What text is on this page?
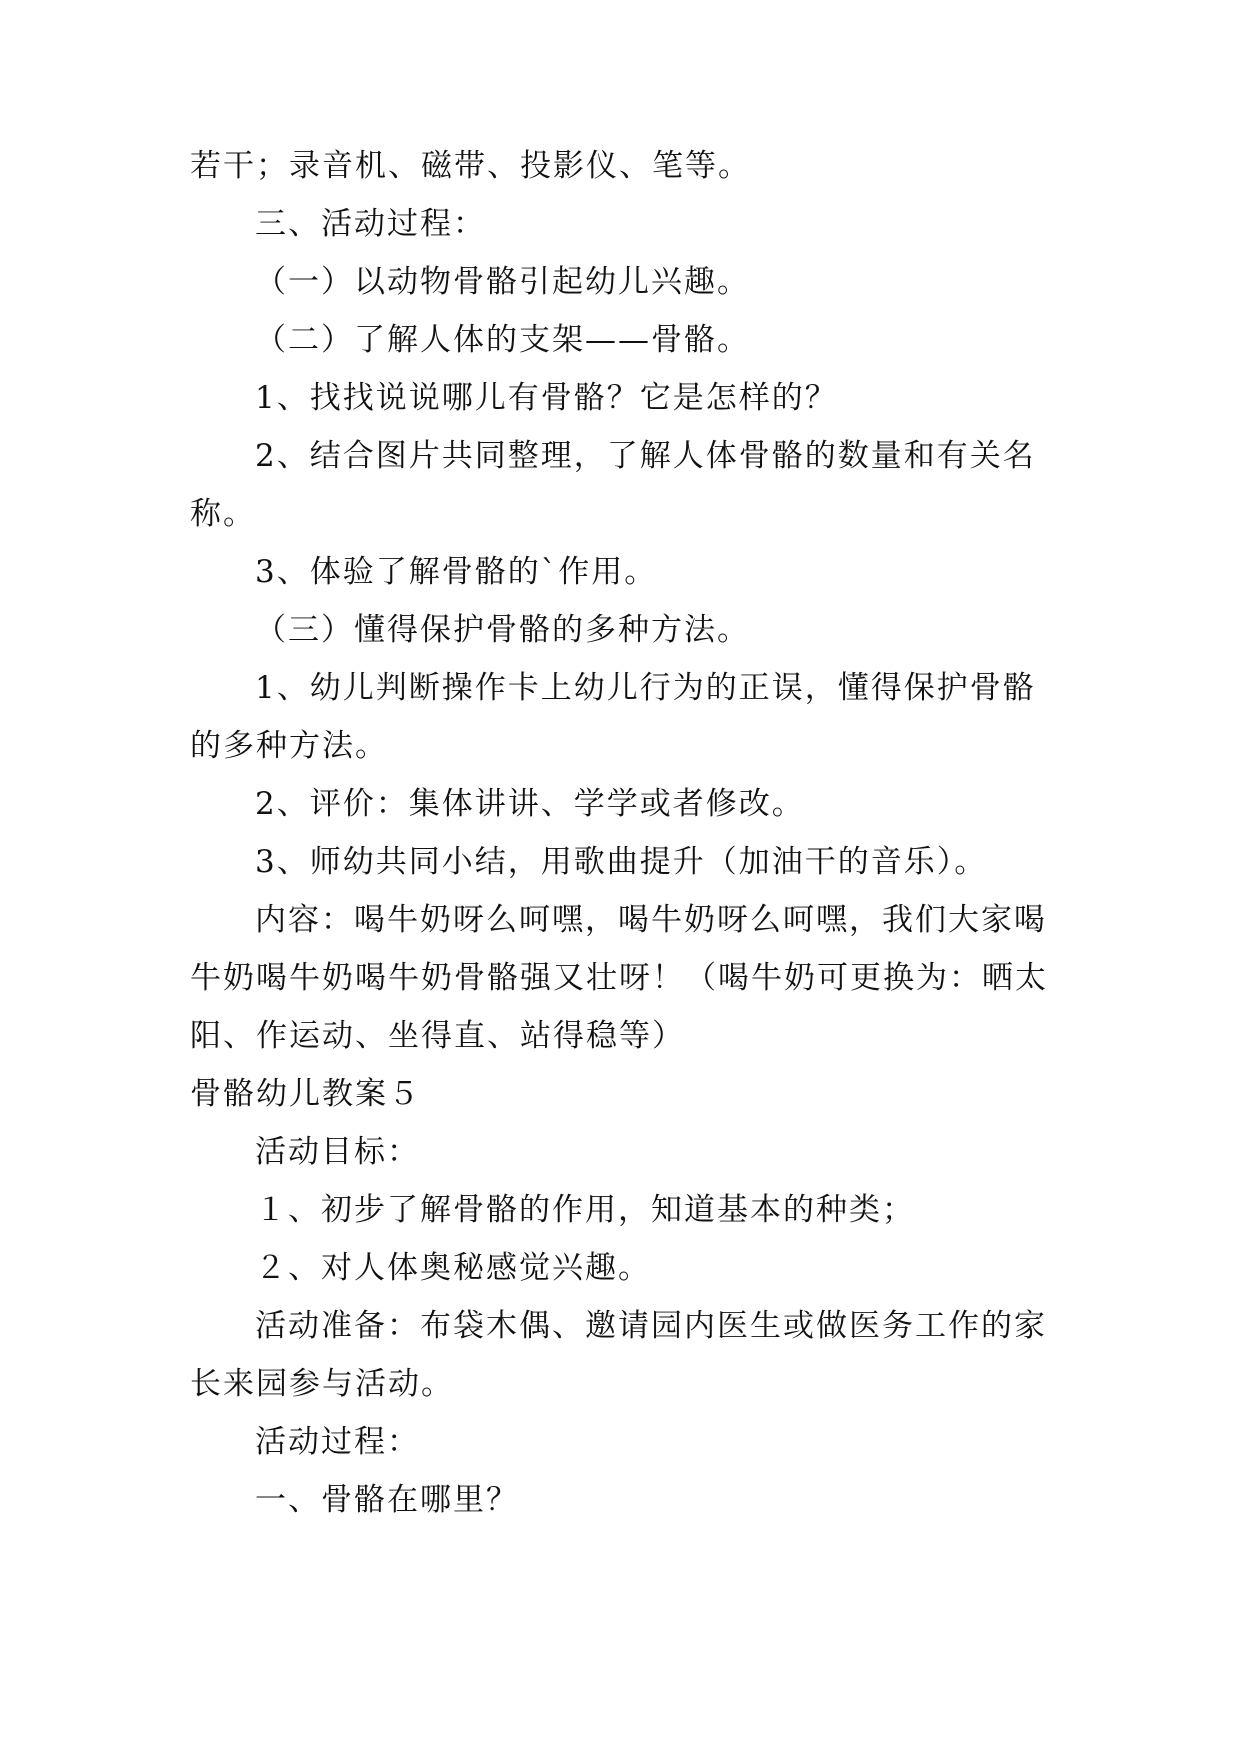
若干；录音机、磁带、投影仪、笔等。
三、活动过程：
（一）以动物骨骼引起幼儿兴趣。
（二）了解人体的支架——骨骼。
1、找找说说哪儿有骨骼？它是怎样的？
2、结合图片共同整理，了解人体骨骼的数量和有关名
称。
3、体验了解骨骼的`作用。
（三）懂得保护骨骼的多种方法。
1、幼儿判断操作卡上幼儿行为的正误，懂得保护骨骼
的多种方法。
2、评价：集体讲讲、学学或者修改。
3、师幼共同小结，用歌曲提升（加油干的音乐）。
内容：喝牛奶呀么呵嘿，喝牛奶呀么呵嘿，我们大家喝
牛奶喝牛奶喝牛奶骨骼强又壮呀！（喝牛奶可更换为：晒太
阳、作运动、坐得直、站得稳等）
骨骼幼儿教案５
活动目标：
１、初步了解骨骼的作用，知道基本的种类；
２、对人体奥秘感觉兴趣。
活动准备：布袋木偶、邀请园内医生或做医务工作的家
长来园参与活动。
活动过程：
一、骨骼在哪里？
